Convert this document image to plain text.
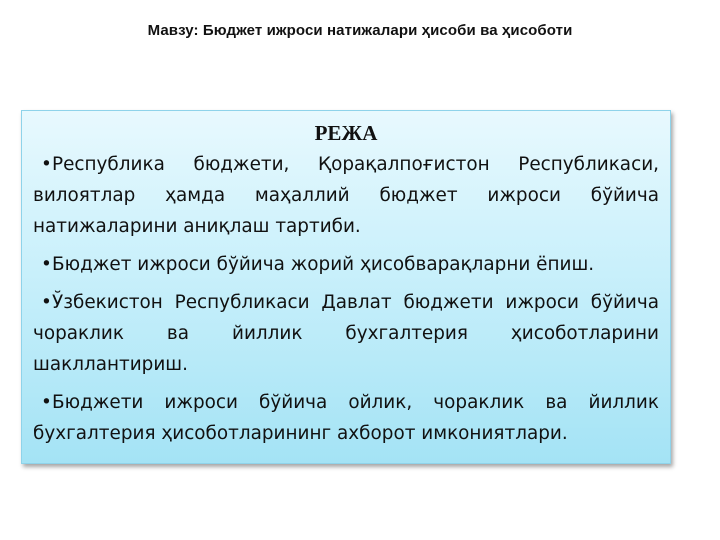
Мавзу: Бюджет ижроси натижалари ҳисоби ва ҳисоботи
РЕЖА

•Республика бюджети, Қорақалпоғистон Республикаси, вилоятлар ҳамда маҳаллий бюджет ижроси бўйича натижаларини аниқлаш тартиби.

•Бюджет ижроси бўйича жорий ҳисобварақларни ёпиш.

•Ўзбекистон Республикаси Давлат бюджети ижроси бўйича чораклик ва йиллик бухгалтерия ҳисоботларини шакллантириш.

•Бюджети ижроси бўйича ойлик, чораклик ва йиллик бухгалтерия ҳисоботларининг ахборот имкониятлари.
